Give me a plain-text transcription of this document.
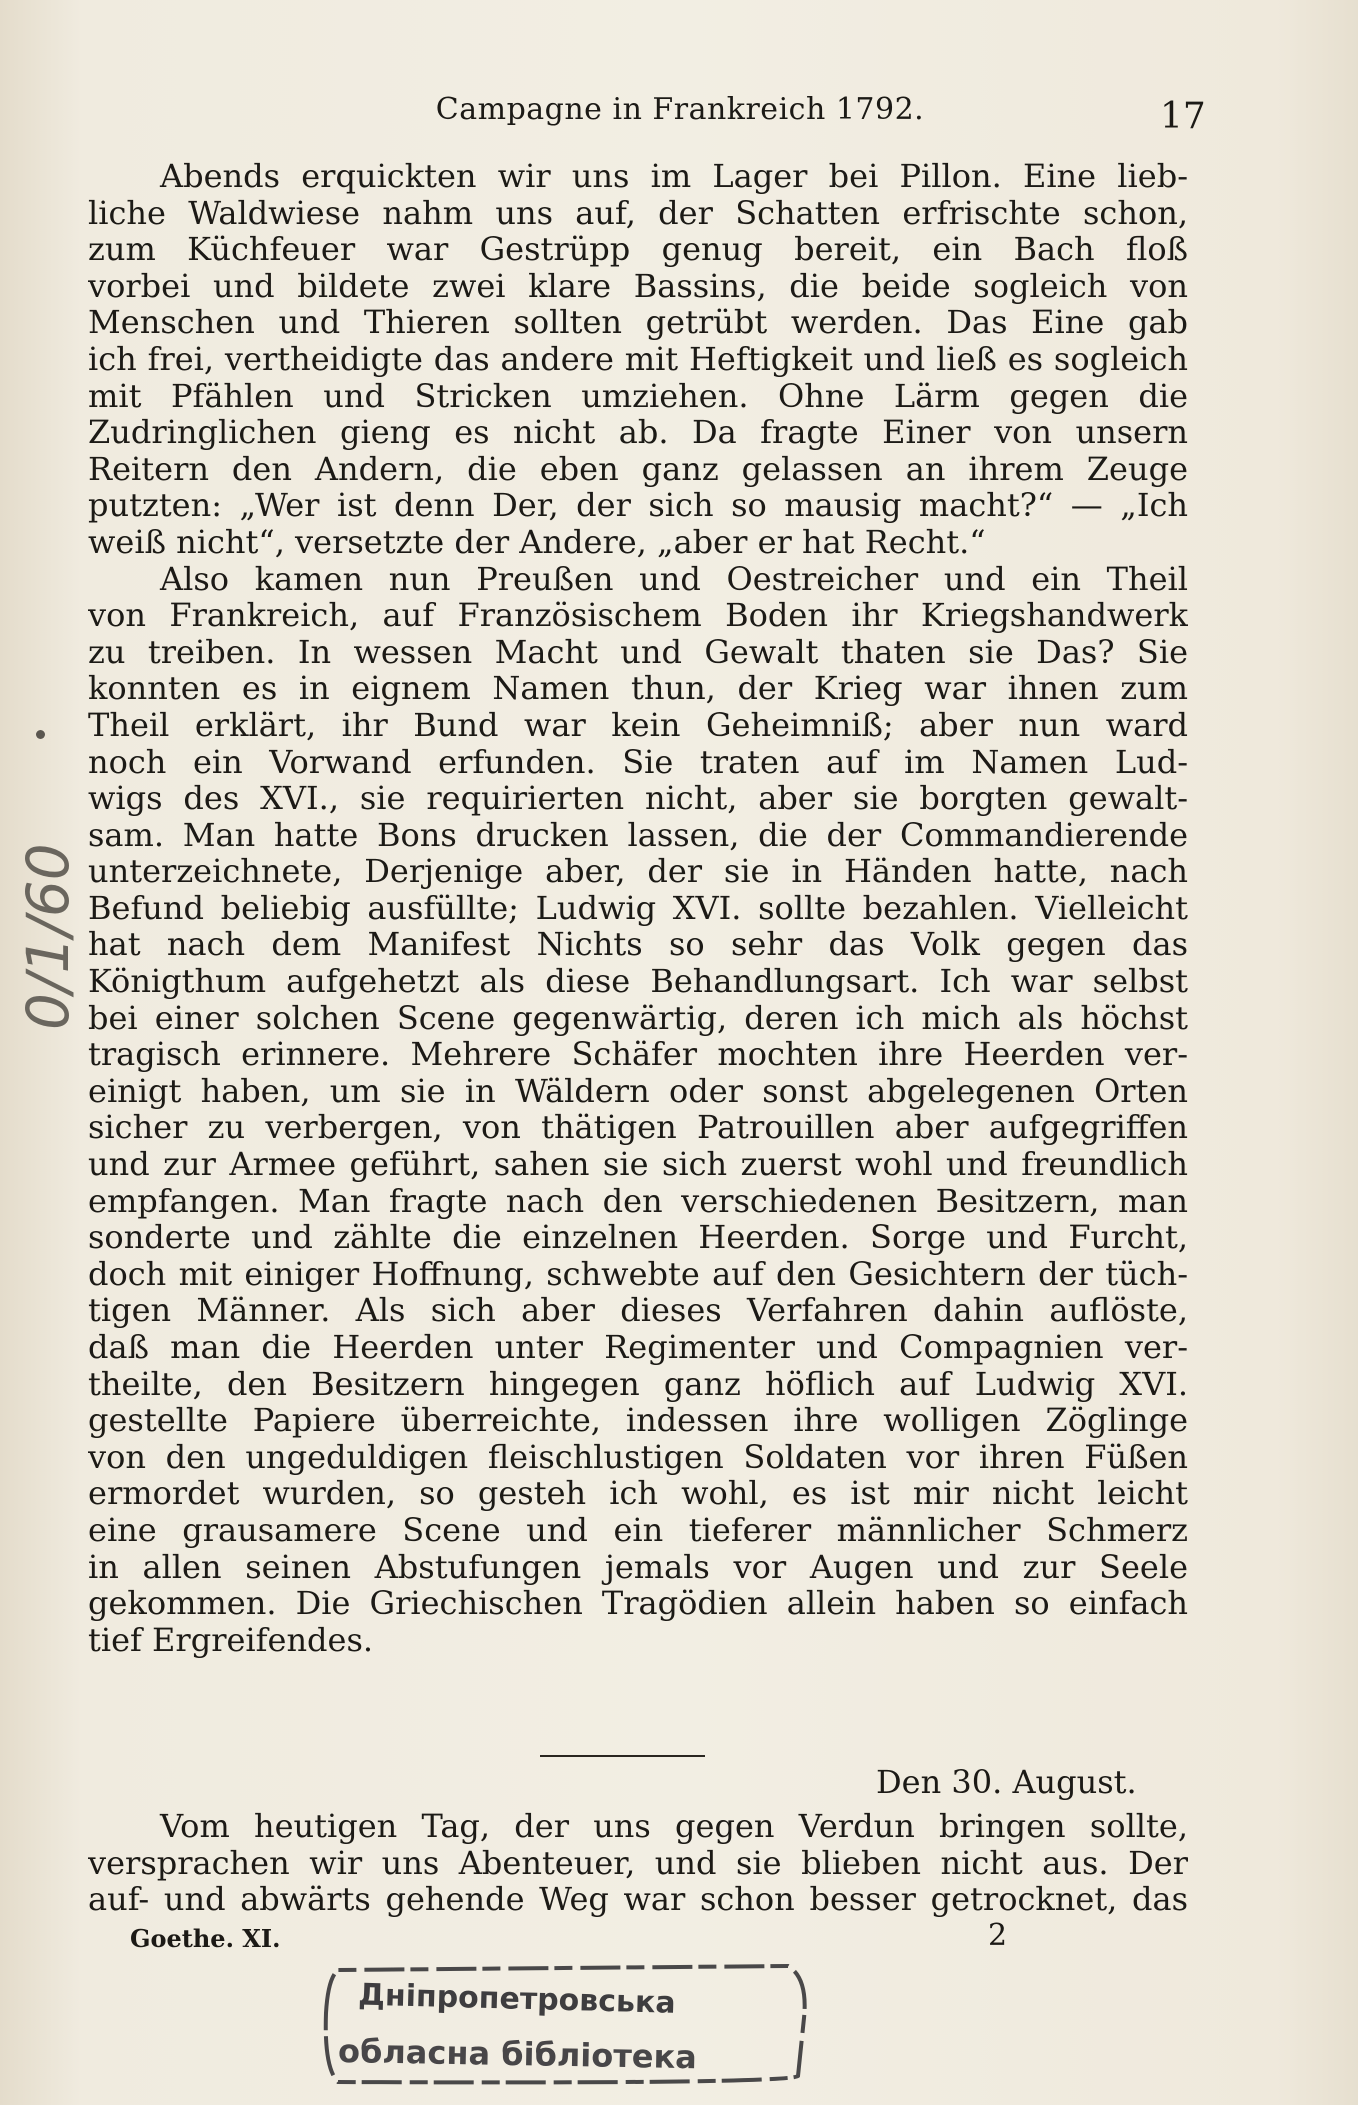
Campagne in Frankreich 1792.	17
Abends erquickten wir uns im Lager bei Pillon. Eine lieb-
liche Waldwiese nahm uns auf, der Schatten erfrischte schon,
zum Küchfeuer war Gestrüpp genug bereit, ein Bach floß
vorbei und bildete zwei klare Bassins, die beide sogleich von
Menschen und Thieren sollten getrübt werden. Das Eine gab
ich frei, vertheidigte das andere mit Heftigkeit und ließ es sogleich
mit Pfählen und Stricken umziehen. Ohne Lärm gegen die
Zudringlichen gieng es nicht ab. Da fragte Einer von unsern
Reitern den Andern, die eben ganz gelassen an ihrem Zeuge
putzten: „Wer ist denn Der, der sich so mausig macht?“ — „Ich
weiß nicht“, versetzte der Andere, „aber er hat Recht.“
Also kamen nun Preußen und Oestreicher und ein Theil
von Frankreich, auf Französischem Boden ihr Kriegshandwerk
zu treiben. In wessen Macht und Gewalt thaten sie Das? Sie
konnten es in eignem Namen thun, der Krieg war ihnen zum
Theil erklärt, ihr Bund war kein Geheimniß; aber nun ward
noch ein Vorwand erfunden. Sie traten auf im Namen Lud-
wigs des XVI., sie requirierten nicht, aber sie borgten gewalt-
sam. Man hatte Bons drucken lassen, die der Commandierende
unterzeichnete, Derjenige aber, der sie in Händen hatte, nach
Befund beliebig ausfüllte; Ludwig XVI. sollte bezahlen. Vielleicht
hat nach dem Manifest Nichts so sehr das Volk gegen das
Königthum aufgehetzt als diese Behandlungsart. Ich war selbst
bei einer solchen Scene gegenwärtig, deren ich mich als höchst
tragisch erinnere. Mehrere Schäfer mochten ihre Heerden ver-
einigt haben, um sie in Wäldern oder sonst abgelegenen Orten
sicher zu verbergen, von thätigen Patrouillen aber aufgegriffen
und zur Armee geführt, sahen sie sich zuerst wohl und freundlich
empfangen. Man fragte nach den verschiedenen Besitzern, man
sonderte und zählte die einzelnen Heerden. Sorge und Furcht,
doch mit einiger Hoffnung, schwebte auf den Gesichtern der tüch-
tigen Männer. Als sich aber dieses Verfahren dahin auflöste,
daß man die Heerden unter Regimenter und Compagnien ver-
theilte, den Besitzern hingegen ganz höflich auf Ludwig XVI.
gestellte Papiere überreichte, indessen ihre wolligen Zöglinge
von den ungeduldigen fleischlustigen Soldaten vor ihren Füßen
ermordet wurden, so gesteh ich wohl, es ist mir nicht leicht
eine grausamere Scene und ein tieferer männlicher Schmerz
in allen seinen Abstufungen jemals vor Augen und zur Seele
gekommen. Die Griechischen Tragödien allein haben so einfach
tief Ergreifendes.
Den 30. August.
Vom heutigen Tag, der uns gegen Verdun bringen sollte,
versprachen wir uns Abenteuer, und sie blieben nicht aus. Der
auf- und abwärts gehende Weg war schon besser getrocknet, das
Goethe. XI.	2
Дніпропетровська
обласна бібліотека
0/1/60
